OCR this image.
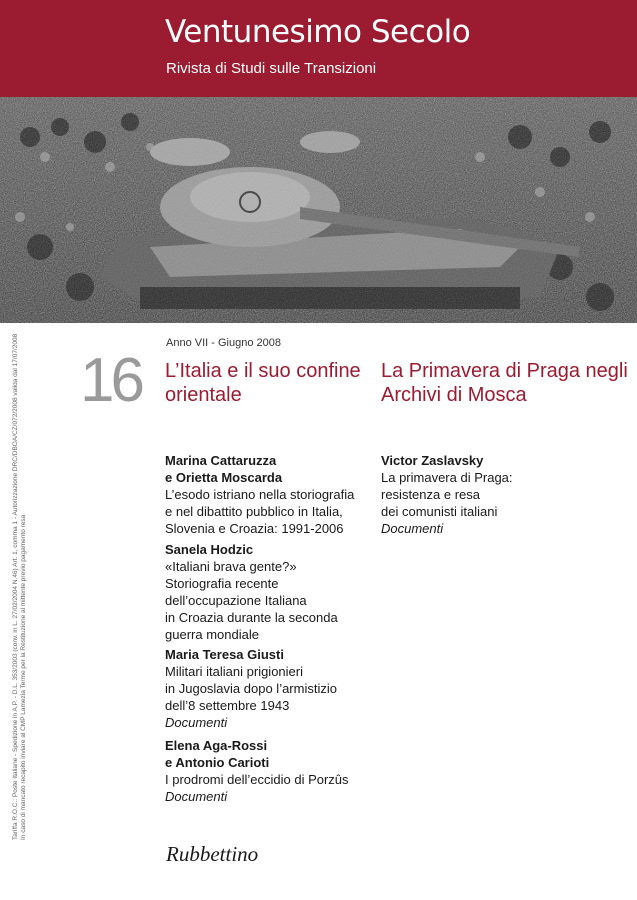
Ventunesimo Secolo

Rivista di Studi sulle Transizioni

Anno VII - Giugno 2008
16 L’Italia e il suo confine orientale
La Primavera di Praga negli Archivi di Mosca
Marina Cattaruzza
e Orietta Moscarda
L’esodo istriano nella storiografia
e nel dibattito pubblico in Italia,
Slovenia e Croazia: 1991-2006
Sanela Hodzic
«Italiani brava gente?»
Storiografia recente
dell’occupazione Italiana
in Croazia durante la seconda
guerra mondiale
Maria Teresa Giusti
Militari italiani prigionieri
in Jugoslavia dopo l’armistizio
dell’8 settembre 1943
Documenti
Elena Aga-Rossi
e Antonio Carioti
I prodromi dell’eccidio di Porzûs
Documenti
Victor Zaslavsky
La primavera di Praga:
resistenza e resa
dei comunisti italiani
Documenti
Tariffa R.O.C.: Poste Italiane - Spedizione in A.P. - D.L. 353/2003 (conv. in L. 27/02/2004 N.46) Art. 1, comma 1 - Autorizzazione DRC/DBOA/CZ/072/2008 valida dal 17/07/2008 In caso di mancato recapito inviare al CMP Lamezia Terme per la Restituzione al mittente previo pagamento resa
Rubbettino
